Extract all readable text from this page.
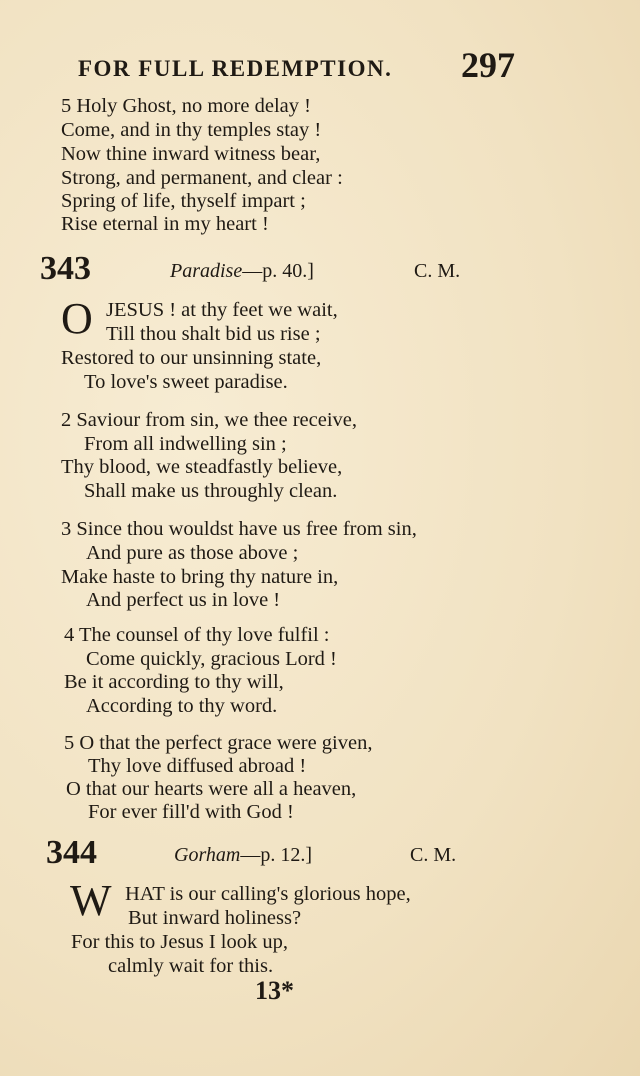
FOR FULL REDEMPTION. 297
5 Holy Ghost, no more delay !
Come, and in thy temples stay !
Now thine inward witness bear,
Strong, and permanent, and clear :
Spring of life, thyself impart ;
Rise eternal in my heart !
343	Paradise—p. 40.]	C. M.
O JESUS ! at thy feet we wait,
Till thou shalt bid us rise ;
Restored to our unsinning state,
To love's sweet paradise.
2 Saviour from sin, we thee receive,
From all indwelling sin ;
Thy blood, we steadfastly believe,
Shall make us throughly clean.
3 Since thou wouldst have us free from sin,
And pure as those above ;
Make haste to bring thy nature in,
And perfect us in love !
4 The counsel of thy love fulfil :
Come quickly, gracious Lord !
Be it according to thy will,
According to thy word.
5 O that the perfect grace were given,
Thy love diffused abroad !
O that our hearts were all a heaven,
For ever fill'd with God !
344	Gorham—p. 12.]	C. M.
W HAT is our calling's glorious hope,
But inward holiness?
For this to Jesus I look up,
calmly wait for this.
13*
